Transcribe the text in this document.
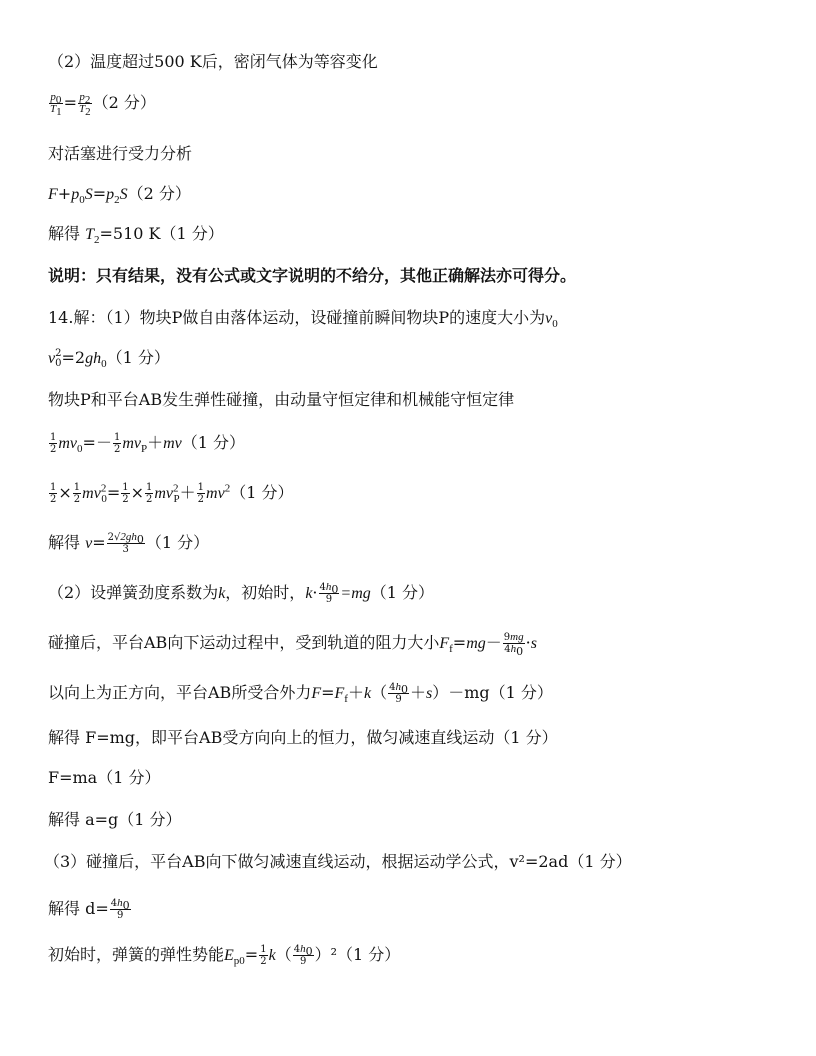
（2）温度超过500 K后，密闭气体为等容变化
$\frac{p_0}{T_1} = \frac{p_2}{T_2} (2$ 分）
对活塞进行受力分析
$F+p_0S=p_2S(2$ 分）
解得 $T_2=510$ K（1 分）
说明：只有结果，没有公式或文字说明的不给分，其他正确解法亦可得分。
14.解：（1）物块P做自由落体运动，设碰撞前瞬间物块P的速度大小为$v_0$
v 2
$0 =2gh_0(1$ 分）
物块P和平台AB发生弹性碰撞，由动量守恒定律和机械能守恒定律
$\frac{1}{2} mv_0=- \frac{1}{2} mv_P+mv(1$ 分）
$\frac{1}{2} \times \frac{1}{2} mv^2_0= \frac{1}{2} \times \frac{1}{2} mv^2_P+ \frac{1}{2} mv^2(1$ 分）
解得 $v= \frac{2√2gh_0}{3} (1$ 分）
（2）设弹簧劲度系数为k，初始时，$k\cdot \frac{4h_0}{9} =mg(1$ 分）
碰撞后，平台AB向下运动过程中，受到轨道的阻力大小$F_f=mg- \frac{9mg}{4h_0} \cdot s$
以向上为正方向，平台AB所受合外力$F=F_f+k( \frac{4h_0}{9} +s)-mg(1$ 分）
解得 F=mg，即平台AB受方向向上的恒力，做匀减速直线运动（1 分）
F=ma（1 分）
解得 a=g（1 分）
（3）碰撞后，平台AB向下做匀减速直线运动，根据运动学公式，v²=2ad（1 分）
解得 $d= \frac{4h_0}{9}$
初始时，弹簧的弹性势能$E_{p0}= \frac{1}{2} k( \frac{4h_0}{9} )^2(1$ 分）
